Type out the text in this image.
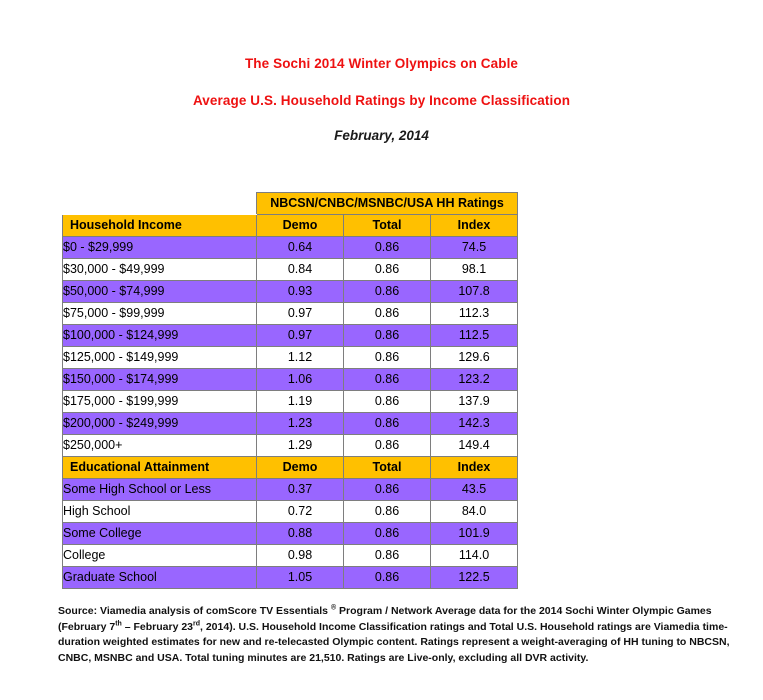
The Sochi 2014 Winter Olympics on Cable
Average U.S. Household Ratings by Income Classification
February, 2014
	NBCSN/CNBC/MSNBC/USA HH Ratings		
Household Income	Demo	Total	Index
$0 - $29,999	0.64	0.86	74.5
$30,000 - $49,999	0.84	0.86	98.1
$50,000 - $74,999	0.93	0.86	107.8
$75,000 - $99,999	0.97	0.86	112.3
$100,000 - $124,999	0.97	0.86	112.5
$125,000 - $149,999	1.12	0.86	129.6
$150,000 - $174,999	1.06	0.86	123.2
$175,000 - $199,999	1.19	0.86	137.9
$200,000 - $249,999	1.23	0.86	142.3
$250,000+	1.29	0.86	149.4
Educational Attainment	Demo	Total	Index
Some High School or Less	0.37	0.86	43.5
High School	0.72	0.86	84.0
Some College	0.88	0.86	101.9
College	0.98	0.86	114.0
Graduate School	1.05	0.86	122.5
Source: Viamedia analysis of comScore TV Essentials ® Program / Network Average data for the 2014 Sochi Winter Olympic Games (February 7th – February 23rd, 2014). U.S. Household Income Classification ratings and Total U.S. Household ratings are Viamedia time-duration weighted estimates for new and re-telecasted Olympic content. Ratings represent a weight-averaging of HH tuning to NBCSN, CNBC, MSNBC and USA. Total tuning minutes are 21,510. Ratings are Live-only, excluding all DVR activity.
